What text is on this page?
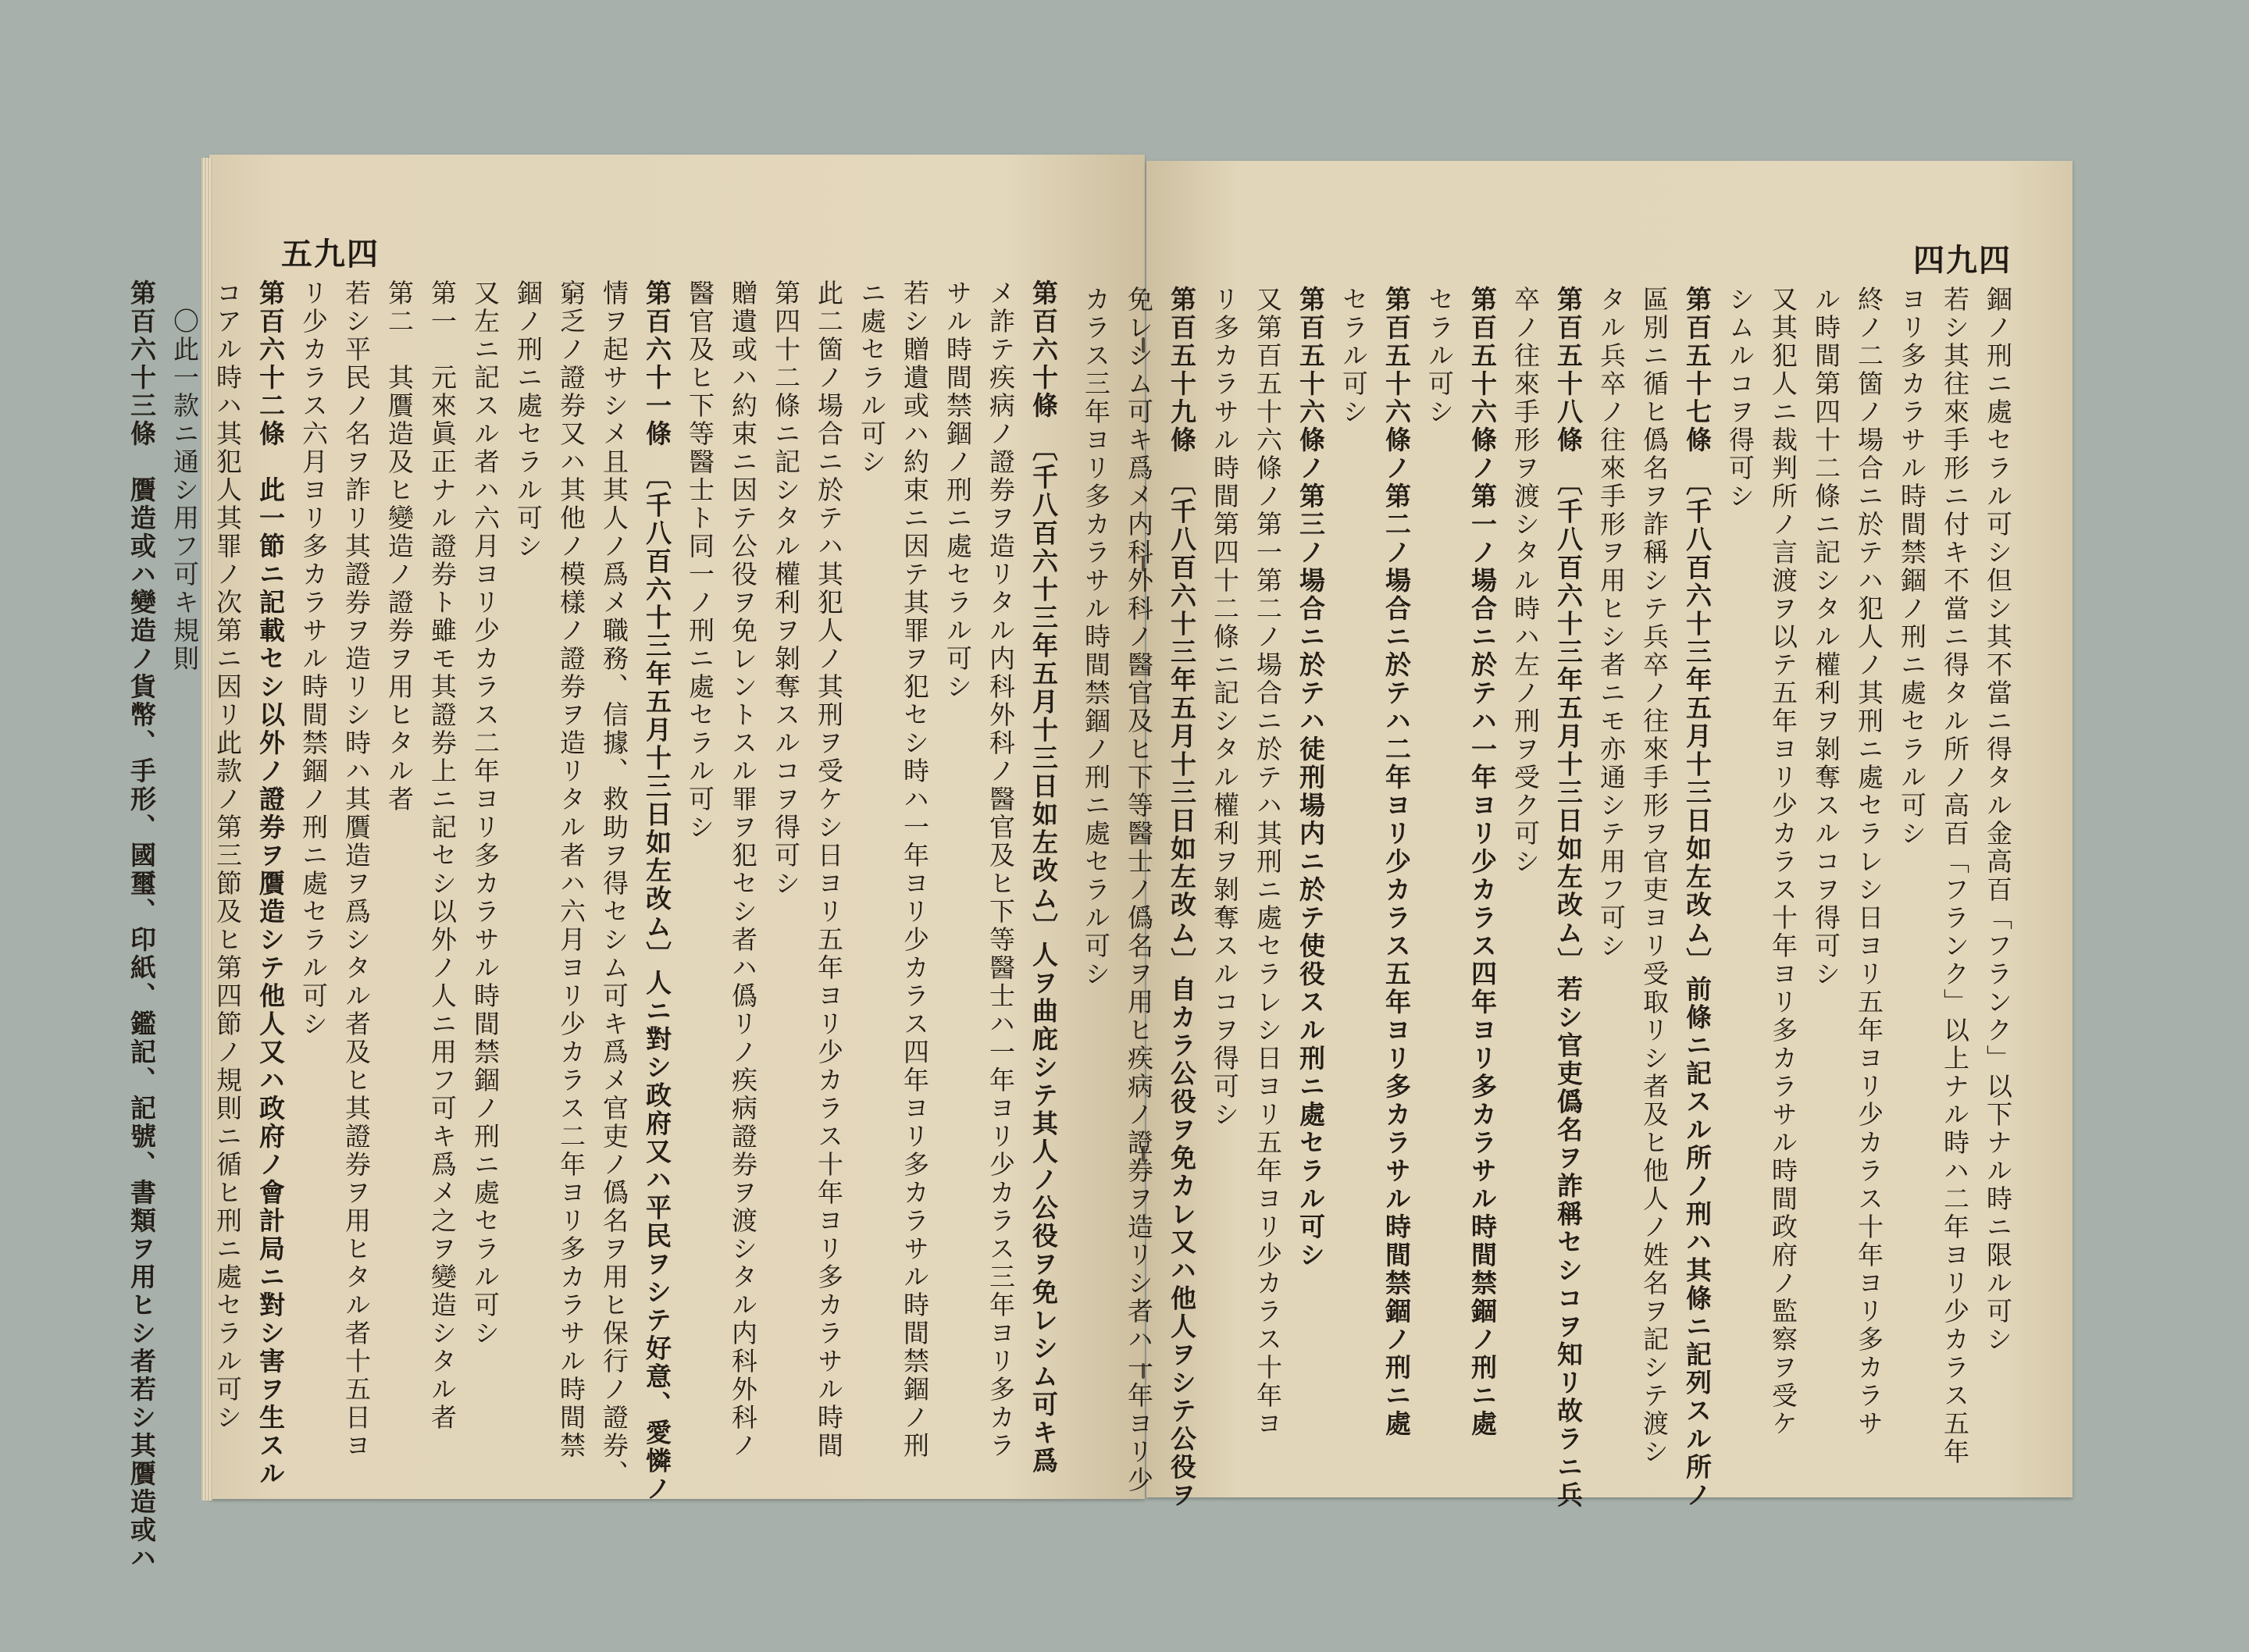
五九四
第百六十條　〔千八百六十三年五月十三日如左改ム〕人ヲ曲庇シテ其人ノ公役ヲ免レシム可キ爲
メ詐テ疾病ノ證券ヲ造リタル内科外科ノ醫官及ヒ下等醫士ハ一年ヨリ少カラス三年ヨリ多カラ
サル時間禁錮ノ刑ニ處セラル可シ
若シ贈遺或ハ約束ニ因テ其罪ヲ犯セシ時ハ一年ヨリ少カラス四年ヨリ多カラサル時間禁錮ノ刑
ニ處セラル可シ
此二箇ノ場合ニ於テハ其犯人ノ其刑ヲ受ケシ日ヨリ五年ヨリ少カラス十年ヨリ多カラサル時間
第四十二條ニ記シタル權利ヲ剝奪スルコヲ得可シ
贈遺或ハ約束ニ因テ公役ヲ免レントスル罪ヲ犯セシ者ハ僞リノ疾病證券ヲ渡シタル内科外科ノ
醫官及ヒ下等醫士ト同一ノ刑ニ處セラル可シ
第百六十一條　〔千八百六十三年五月十三日如左改ム〕人ニ對シ政府又ハ平民ヲシテ好意、愛憐ノ
情ヲ起サシメ且其人ノ爲メ職務、信據、救助ヲ得セシム可キ爲メ官吏ノ僞名ヲ用ヒ保行ノ證券、
窮乏ノ證券又ハ其他ノ模樣ノ證券ヲ造リタル者ハ六月ヨリ少カラス二年ヨリ多カラサル時間禁
錮ノ刑ニ處セラル可シ
又左ニ記スル者ハ六月ヨリ少カラス二年ヨリ多カラサル時間禁錮ノ刑ニ處セラル可シ
第一　元來眞正ナル證券ト雖モ其證券上ニ記セシ以外ノ人ニ用フ可キ爲メ之ヲ變造シタル者
第二　其贋造及ヒ變造ノ證券ヲ用ヒタル者
若シ平民ノ名ヲ詐リ其證券ヲ造リシ時ハ其贋造ヲ爲シタル者及ヒ其證券ヲ用ヒタル者十五日ヨ
リ少カラス六月ヨリ多カラサル時間禁錮ノ刑ニ處セラル可シ
第百六十二條　此一節ニ記載セシ以外ノ證券ヲ贋造シテ他人又ハ政府ノ會計局ニ對シ害ヲ生スル
コアル時ハ其犯人其罪ノ次第ニ因リ此款ノ第三節及ヒ第四節ノ規則ニ循ヒ刑ニ處セラル可シ
　〇此一款ニ通シ用フ可キ規則
第百六十三條　贋造或ハ變造ノ貨幣、手形、國璽、印紙、鑑記、記號、書類ヲ用ヒシ者若シ其贋造或ハ
四九四
錮ノ刑ニ處セラル可シ但シ其不當ニ得タル金高百「フランク」以下ナル時ニ限ル可シ
若シ其往來手形ニ付キ不當ニ得タル所ノ高百「フランク」以上ナル時ハ二年ヨリ少カラス五年
ヨリ多カラサル時間禁錮ノ刑ニ處セラル可シ
終ノ二箇ノ場合ニ於テハ犯人ノ其刑ニ處セラレシ日ヨリ五年ヨリ少カラス十年ヨリ多カラサ
ル時間第四十二條ニ記シタル權利ヲ剝奪スルコヲ得可シ
又其犯人ニ裁判所ノ言渡ヲ以テ五年ヨリ少カラス十年ヨリ多カラサル時間政府ノ監察ヲ受ケ
シムルコヲ得可シ
第百五十七條　〔千八百六十三年五月十三日如左改ム〕前條ニ記スル所ノ刑ハ其條ニ記列スル所ノ
區別ニ循ヒ僞名ヲ詐稱シテ兵卒ノ往來手形ヲ官吏ヨリ受取リシ者及ヒ他人ノ姓名ヲ記シテ渡シ
タル兵卒ノ往來手形ヲ用ヒシ者ニモ亦通シテ用フ可シ
第百五十八條　〔千八百六十三年五月十三日如左改ム〕若シ官吏僞名ヲ詐稱セシコヲ知リ故ラニ兵
卒ノ往來手形ヲ渡シタル時ハ左ノ刑ヲ受ク可シ
第百五十六條ノ第一ノ場合ニ於テハ一年ヨリ少カラス四年ヨリ多カラサル時間禁錮ノ刑ニ處
セラル可シ
第百五十六條ノ第二ノ場合ニ於テハ二年ヨリ少カラス五年ヨリ多カラサル時間禁錮ノ刑ニ處
セラル可シ
第百五十六條ノ第三ノ場合ニ於テハ徒刑場内ニ於テ使役スル刑ニ處セラル可シ
又第百五十六條ノ第一第二ノ場合ニ於テハ其刑ニ處セラレシ日ヨリ五年ヨリ少カラス十年ヨ
リ多カラサル時間第四十二條ニ記シタル權利ヲ剝奪スルコヲ得可シ
第百五十九條　〔千八百六十三年五月十三日如左改ム〕自カラ公役ヲ免カレ又ハ他人ヲシテ公役ヲ
免レシム可キ爲メ内科外科ノ醫官及ヒ下等醫士ノ僞名ヲ用ヒ疾病ノ證券ヲ造リシ者ハ一年ヨリ少
カラス三年ヨリ多カラサル時間禁錮ノ刑ニ處セラル可シ
